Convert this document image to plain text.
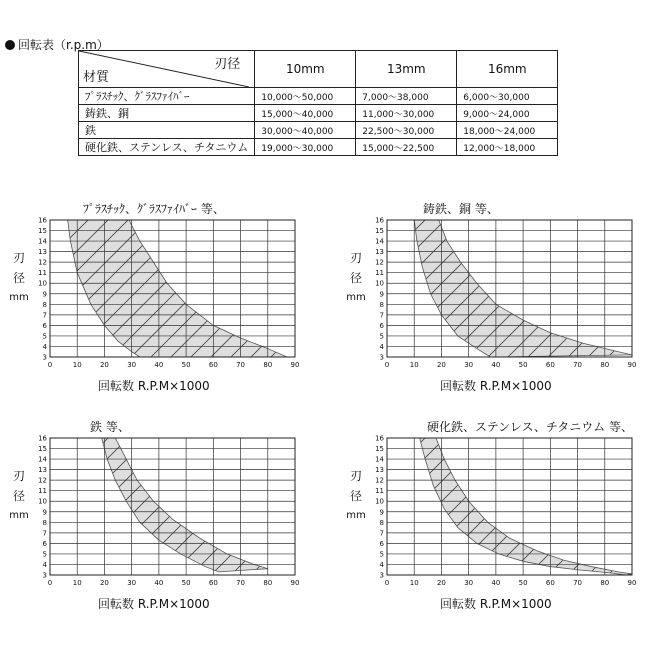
回転表（r.p.m）
刃径
材質	10mm	13mm	16mm
ﾌﾟﾗｽﾁｯｸ、ｸﾞﾗｽﾌｧｲﾊﾞｰ	10,000～50,000	7,000～38,000	6,000～30,000
鋳鉄、銅	15,000～40,000	11,000～30,000	9,000～24,000
鉄	30,000～40,000	22,500～30,000	18,000～24,000
硬化鉄、ステンレス、チタニウム	19,000～30,000	15,000～22,500	12,000～18,000
ﾌﾟﾗｽﾁｯｸ、ｸﾞﾗｽﾌｧｲﾊﾞｰ 等、
刃
径
mm
0	10	20	30	40	50	60	70	80	90
3
4
5
6
7
8
9
10
11
12
13
14
15
16
回転数 R.P.M×1000
鋳鉄、銅 等、
刃
径
mm
0	10	20	30	40	50	60	70	80	90
3
4
5
6
7
8
9
10
11
12
13
14
15
16
回転数 R.P.M×1000
鉄 等、
刃
径
mm
0	10	20	30	40	50	60	70	80	90
3
4
5
6
7
8
9
10
11
12
13
14
15
16
回転数 R.P.M×1000
硬化鉄、ステンレス、チタニウム 等、
刃
径
mm
0	10	20	30	40	50	60	70	80	90
3
4
5
6
7
8
9
10
11
12
13
14
15
16
回転数 R.P.M×1000
